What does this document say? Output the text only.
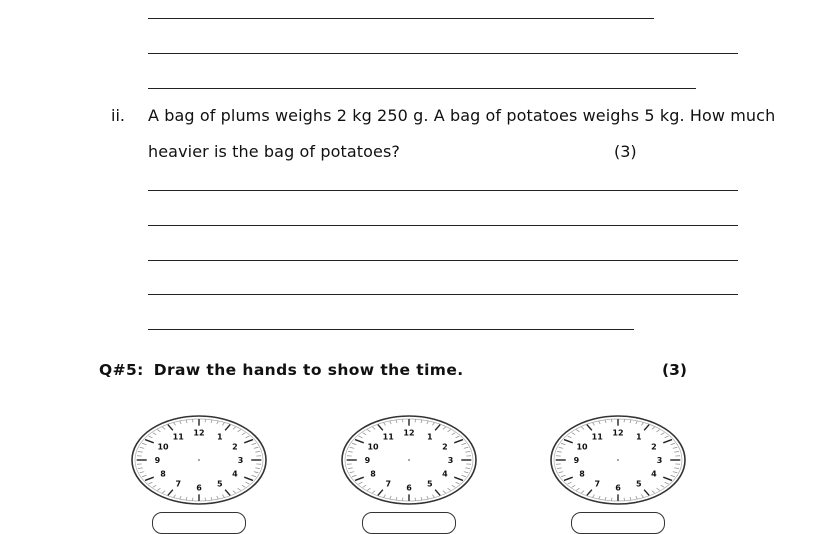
ii. A bag of plums weighs 2 kg 250 g. A bag of potatoes weighs 5 kg. How much
heavier is the bag of potatoes?	(3)
Q#5: Draw the hands to show the time.	(3)
12 1
2
3
4
5
6
7
8
9
10
11	12 1
2
3
4
5
6
7
8
9
10
11	12 1
2
3
4
5
6
7
8
9
10
11
